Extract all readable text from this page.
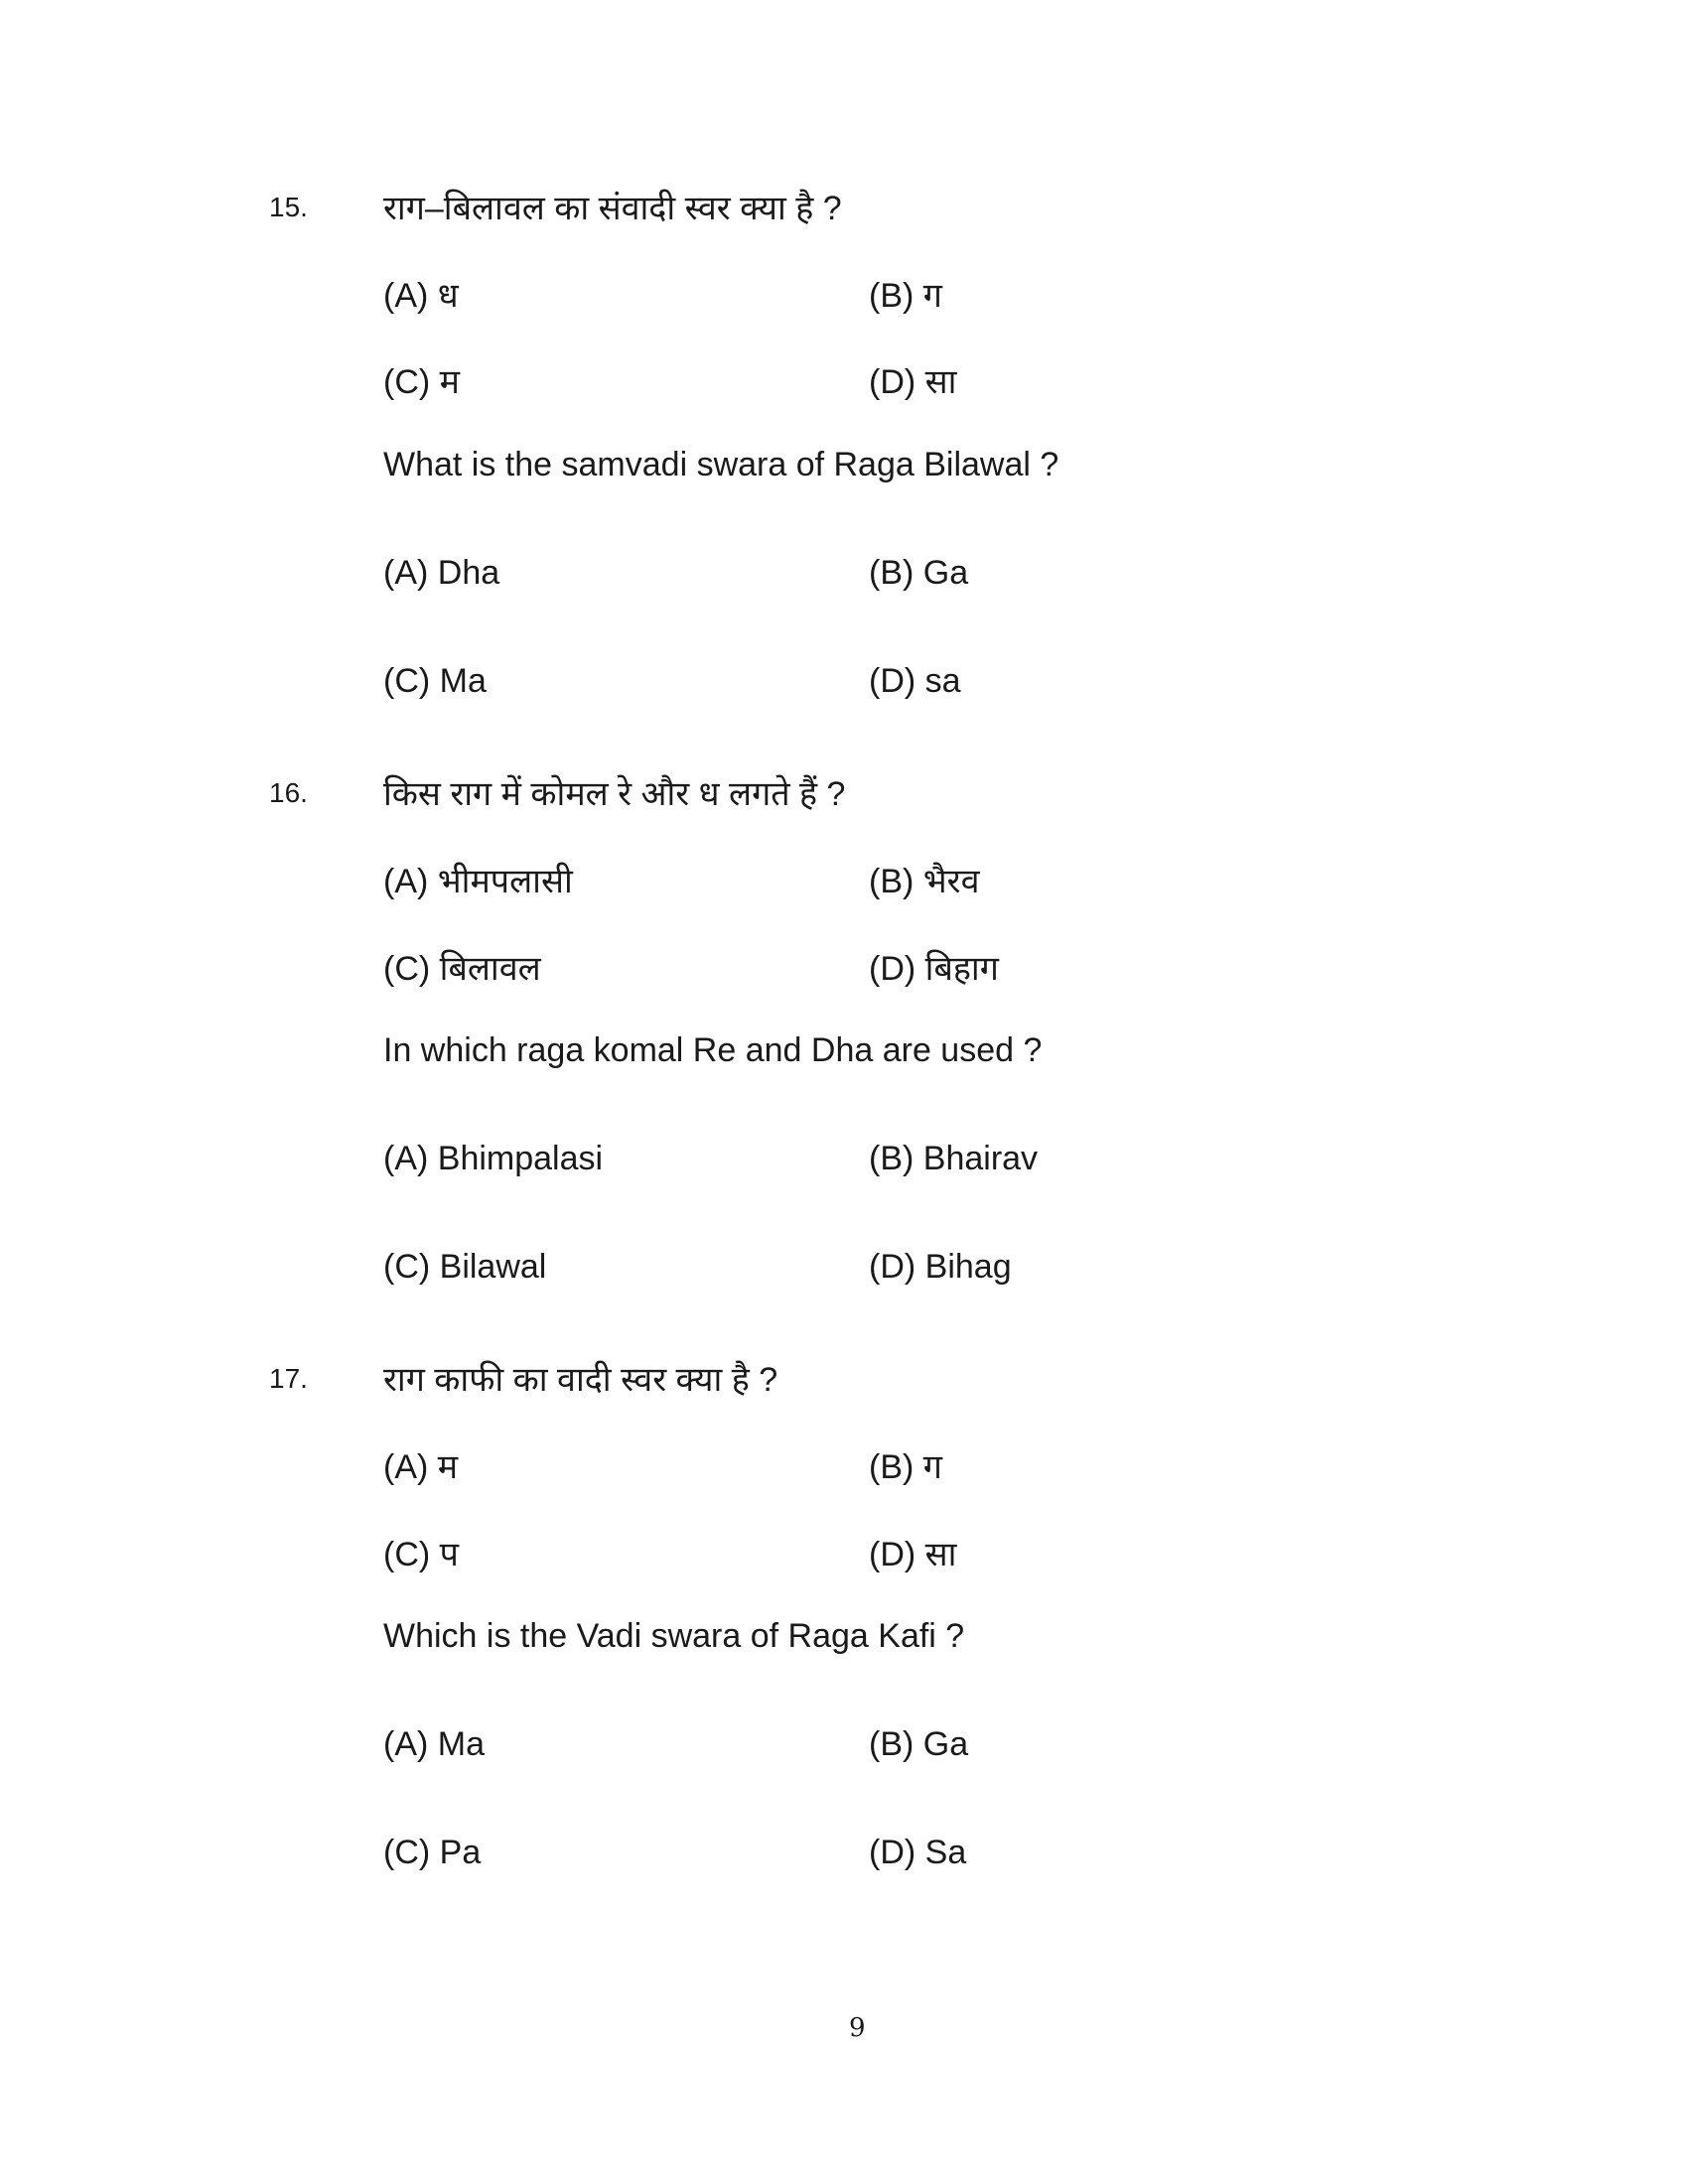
15. राग–बिलावल का संवादी स्वर क्या है ?
(A) ध	(B) ग
(C) म	(D) सा
What is the samvadi swara of Raga Bilawal ?
(A) Dha	(B) Ga
(C) Ma	(D) sa
16. किस राग में कोमल रे और ध लगते हैं ?
(A) भीमपलासी	(B) भैरव
(C) बिलावल	(D) बिहाग
In which raga komal Re and Dha are used ?
(A) Bhimpalasi	(B) Bhairav
(C) Bilawal	(D) Bihag
17. राग काफी का वादी स्वर क्या है ?
(A) म	(B) ग
(C) प	(D) सा
Which is the Vadi swara of Raga Kafi ?
(A) Ma	(B) Ga
(C) Pa	(D) Sa
9
